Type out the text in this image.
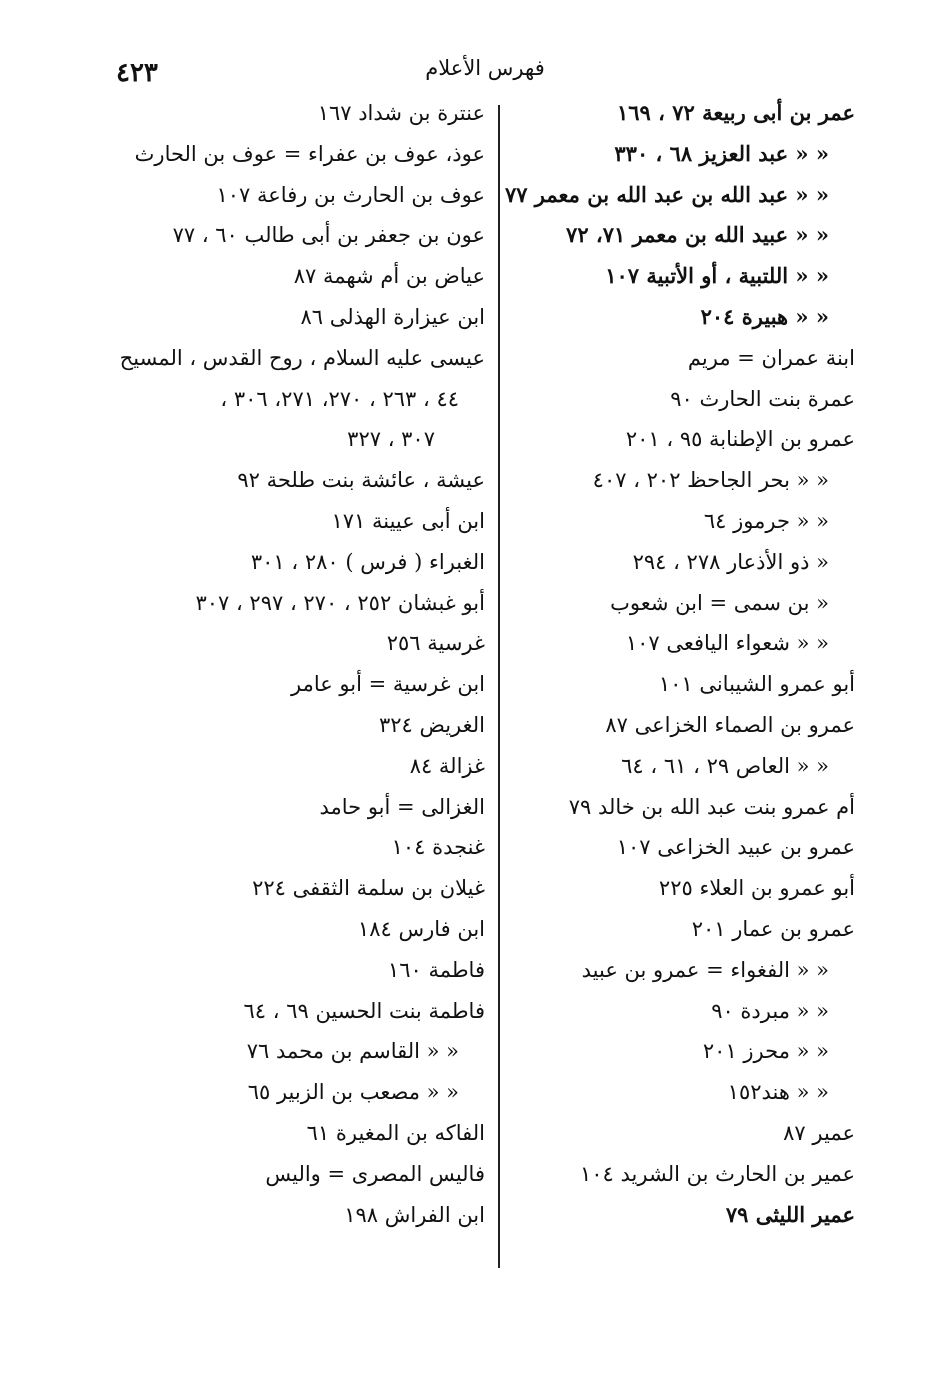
٤٢٣	فهرس الأعلام
عمر بن أبى ربيعة ٧٢ ، ١٦٩
« « عبد العزيز ٦٨ ، ٣٣٠
« « عبد الله بن عبد الله بن معمر ٧٧
« « عبيد الله بن معمر ٧١، ٧٢
« « اللتبية ، أو الأتبية ١٠٧
« « هبيرة ٢٠٤
ابنة عمران = مريم
عمرة بنت الحارث ٩٠
عمرو بن الإطنابة ٩٥ ، ٢٠١
« « بحر الجاحظ ٢٠٢ ، ٤٠٧
« « جرموز ٦٤
« ذو الأذعار ٢٧٨ ، ٢٩٤
« بن سمى = ابن شعوب
« « شعواء اليافعى ١٠٧
أبو عمرو الشيبانى ١٠١
عمرو بن الصماء الخزاعى ٨٧
« « العاص ٢٩ ، ٦١ ، ٦٤
أم عمرو بنت عبد الله بن خالد ٧٩
عمرو بن عبيد الخزاعى ١٠٧
أبو عمرو بن العلاء ٢٢٥
عمرو بن عمار ٢٠١
« « الفغواء = عمرو بن عبيد
« « مبردة ٩٠
« « محرز ٢٠١
« « هند١٥٢
عمير ٨٧
عمير بن الحارث بن الشريد ١٠٤
عمير الليثى ٧٩
عنترة بن شداد ١٦٧
عوذ، عوف بن عفراء = عوف بن الحارث
عوف بن الحارث بن رفاعة ١٠٧
عون بن جعفر بن أبى طالب ٦٠ ، ٧٧
عياض بن أم شهمة ٨٧
ابن عيزارة الهذلى ٨٦
عيسى عليه السلام ، روح القدس ، المسيح
٤٤ ، ٢٦٣ ، ٢٧٠، ٢٧١، ٣٠٦ ،
٣٠٧ ، ٣٢٧
عيشة ، عائشة بنت طلحة ٩٢
ابن أبى عيينة ١٧١
الغبراء ( فرس ) ٢٨٠ ، ٣٠١
أبو غبشان ٢٥٢ ، ٢٧٠ ، ٢٩٧ ، ٣٠٧
غرسية ٢٥٦
ابن غرسية = أبو عامر
الغريض ٣٢٤
غزالة ٨٤
الغزالى = أبو حامد
غنجدة ١٠٤
غيلان بن سلمة الثقفى ٢٢٤
ابن فارس ١٨٤
فاطمة ١٦٠
فاطمة بنت الحسين ٦٩ ، ٦٤
« « القاسم بن محمد ٧٦
« « مصعب بن الزبير ٦٥
الفاكه بن المغيرة ٦١
فاليس المصرى = واليس
ابن الفراش ١٩٨
